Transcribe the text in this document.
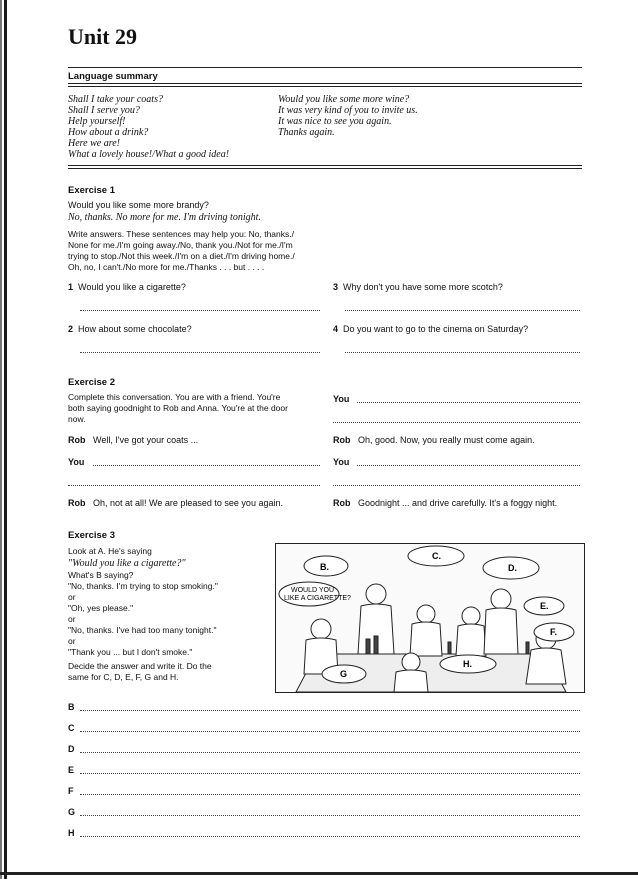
Unit 29
Language summary
Shall I take your coats?
Shall I serve you?
Help yourself!
How about a drink?
Here we are!
What a lovely house!/What a good idea!
Would you like some more wine?
It was very kind of you to invite us.
It was nice to see you again.
Thanks again.
Exercise 1
Would you like some more brandy?
No, thanks. No more for me. I'm driving tonight.
Write answers. These sentences may help you: No, thanks./
None for me./I'm going away./No, thank you./Not for me./I'm
trying to stop./Not this week./I'm on a diet./I'm driving home./
Oh, no, I can't./No more for me./Thanks . . . but . . . .
1 Would you like a cigarette?	3 Why don't you have some more scotch?
2 How about some chocolate?	4 Do you want to go to the cinema on Saturday?
Exercise 2
Complete this conversation. You are with a friend. You're
both saying goodnight to Rob and Anna. You're at the door
now.
You
Rob Well, I've got your coats ...	Rob Oh, good. Now, you really must come again.
You	You
Rob Oh, not at all! We are pleased to see you again.	Rob Goodnight ... and drive carefully. It's a foggy night.
Exercise 3
Look at A. He's saying
"Would you like a cigarette?"
What's B saying?
"No, thanks. I'm trying to stop smoking."
or
"Oh, yes please."
or
"No, thanks. I've had too many tonight."
or
"Thank you ... but I don't smoke."
Decide the answer and write it. Do the
same for C, D, E, F, G and H.
B.
C.
D.
E.
F.
G
H.
WOULD YOU
LIKE A CIGARETTE?
B
C
D
E
F
G
H
